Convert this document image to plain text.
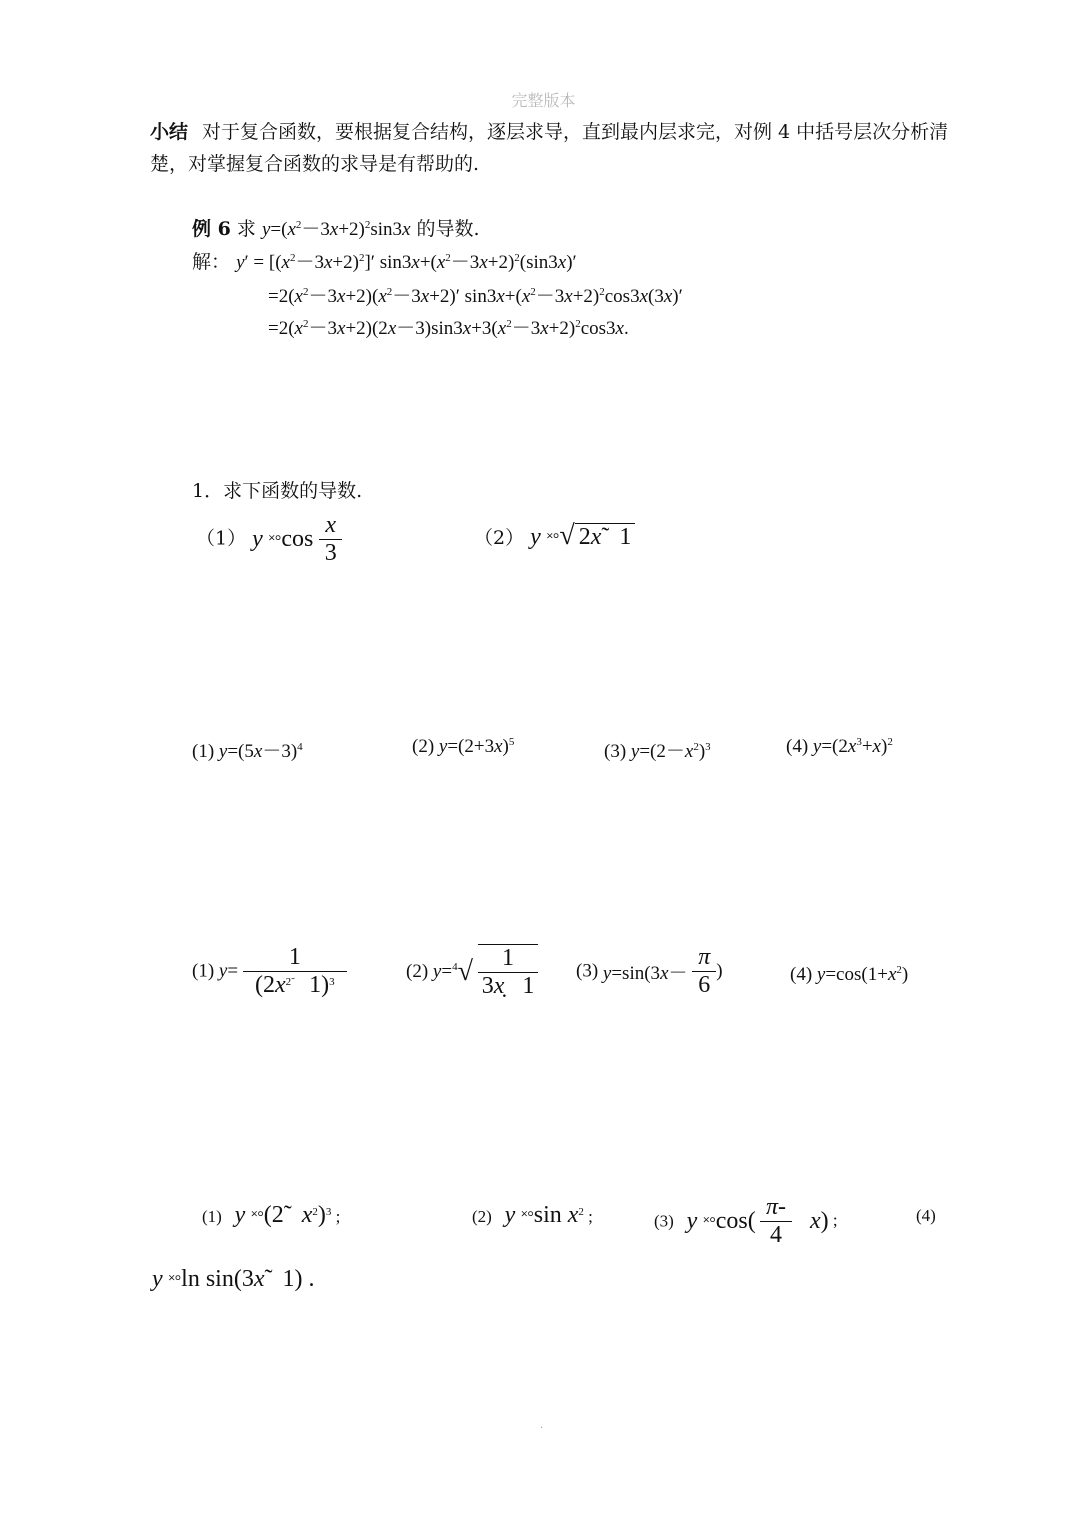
完整版本
小结 对于复合函数，要根据复合结构，逐层求导，直到最内层求完，对例 4 中括号层次分析清楚，对掌握复合函数的求导是有帮助的.
例 6 求 $y=(x^2-3x+2)^2\sin 3x$ 的导数.
解： $y' = [(x^2-3x+2)^2]'$ $\sin 3x+(x^2-3x+2)^2(\sin 3x)'$
$=2(x^2-3x+2)(x^2-3x+2)'$ $\sin 3x+(x^2-3x+2)^2\cos 3x(3x)'$
$=2(x^2-3x+2)(2x-3)\sin 3x+3(x^2-3x+2)^2\cos 3x$.
1．求下函数的导数.
（1） y ˟°cos $\frac{x}{3}$	（2） y ˟°√ 2x̃   1
(1) $y=(5x-3)^4$	(2) $y=(2+3x)^5$	(3) $y=(2-x^2)^3$	(4) $y=(2x^3+x)^2$
(1) $y= \frac{1}{(2x^{2̃} 1)^3}$	(2) $y=^4√ \frac{1}{3x̣ 1} (3)$ $y=\sin(3x- \frac{\pi}{6}$ )	(4) $y=\cos(1+x^2)$
(1) y ˟°(2̃   $x^2)^3$ ;	(2) y ˟°sin $x^2$ ;	(3) y ˟°cos( $\frac{\pi-}{4} x$) ;	(4)
y ˟°ln sin(3x̃   1) .
.
